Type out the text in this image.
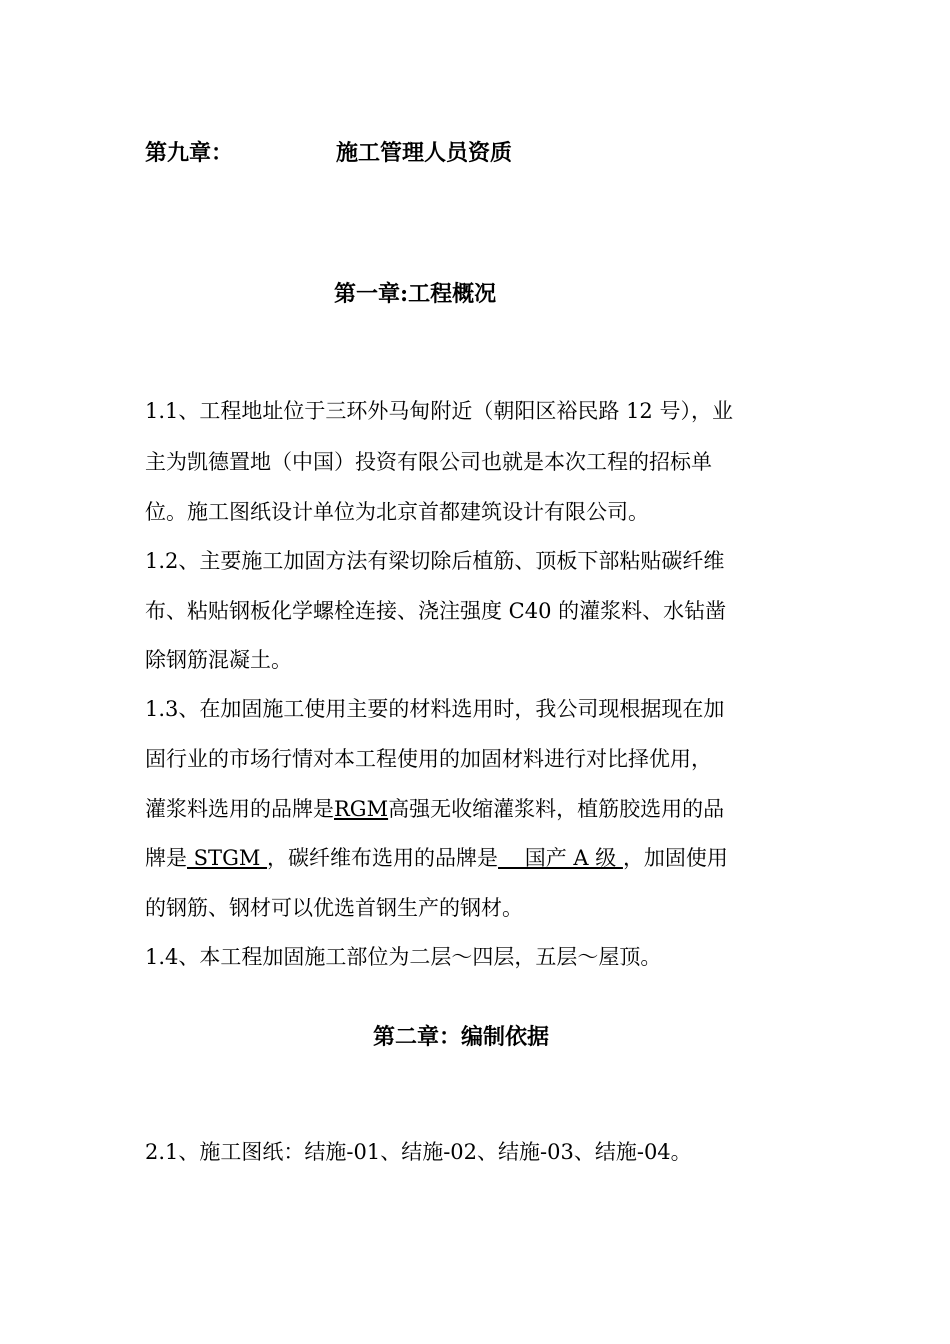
第九章：	施工管理人员资质
第一章:工程概况
1.1、工程地址位于三环外马甸附近（朝阳区裕民路 12 号），业
主为凯德置地（中国）投资有限公司也就是本次工程的招标单
位。施工图纸设计单位为北京首都建筑设计有限公司。
1.2、主要施工加固方法有梁切除后植筋、顶板下部粘贴碳纤维
布、粘贴钢板化学螺栓连接、浇注强度 C40 的灌浆料、水钻凿
除钢筋混凝土。
1.3、在加固施工使用主要的材料选用时，我公司现根据现在加
固行业的市场行情对本工程使用的加固材料进行对比择优用，
灌浆料选用的品牌是RGM高强无收缩灌浆料，植筋胶选用的品
牌是 STGM ，碳纤维布选用的品牌是    国产 A 级 ，加固使用
的钢筋、钢材可以优选首钢生产的钢材。
1.4、本工程加固施工部位为二层～四层，五层～屋顶。
第二章：编制依据
2.1、施工图纸：结施-01、结施-02、结施-03、结施-04。
